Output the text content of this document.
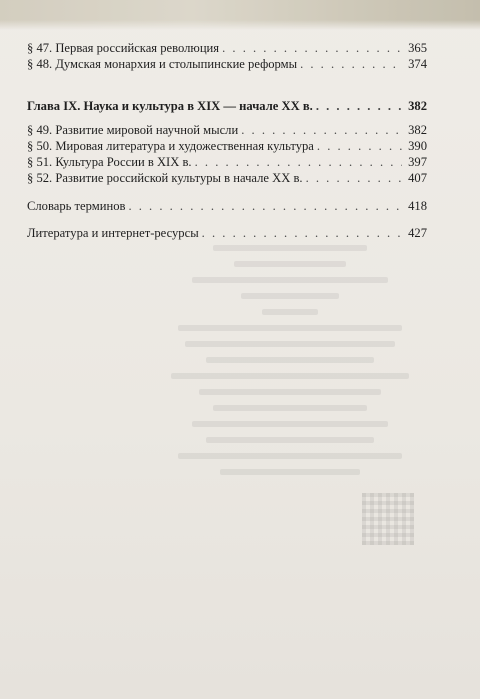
§ 47. Первая российская революция . . .	365
§ 48. Думская монархия и столыпинские реформы . . .	374
Глава IX. Наука и культура в XIX — начале XX в. . . .	382
§ 49. Развитие мировой научной мысли . . .	382
§ 50. Мировая литература и художественная культура . . .	390
§ 51. Культура России в XIX в. . . .	397
§ 52. Развитие российской культуры в начале XX в. . . .	407
Словарь терминов . . .	418
Литература и интернет-ресурсы . . .	427
